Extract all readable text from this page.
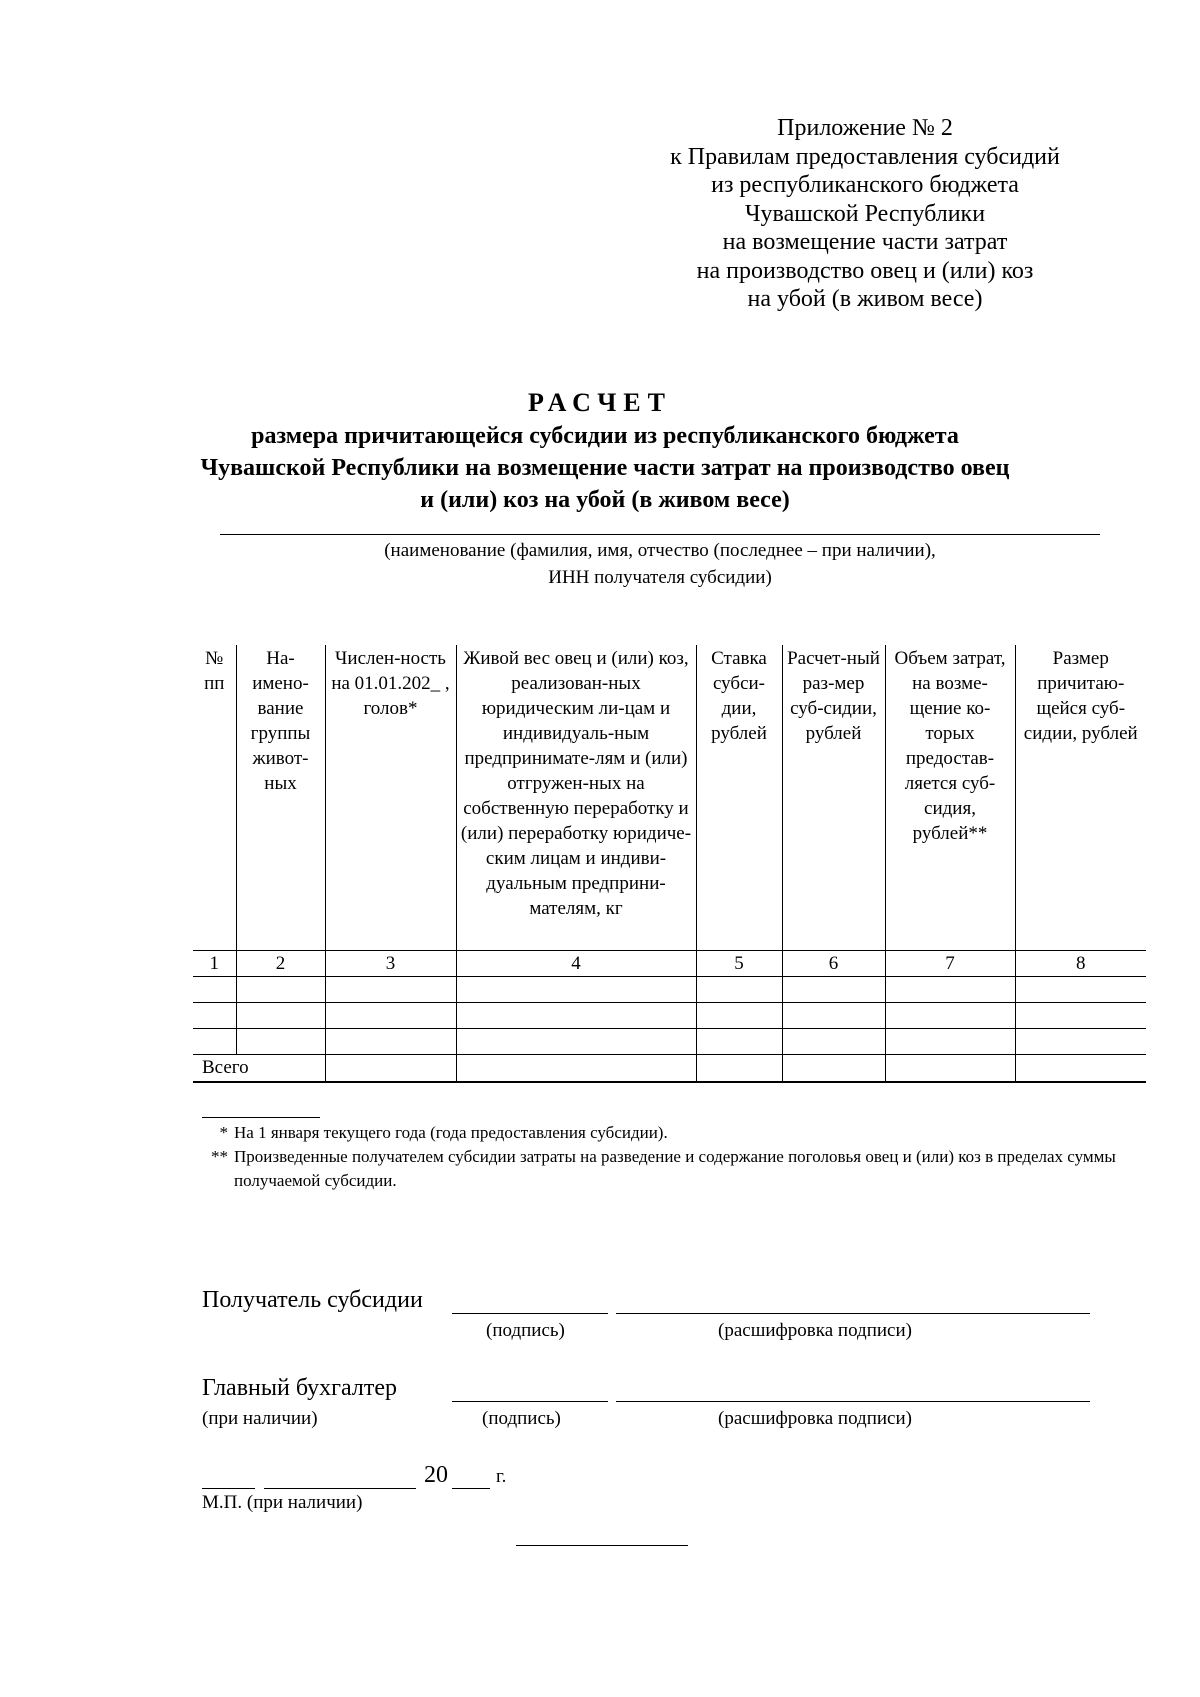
Приложение № 2
к Правилам предоставления субсидий
из республиканского бюджета
Чувашской Республики
на возмещение части затрат
на производство овец и (или) коз
на убой (в живом весе)
РАСЧЕТ
размера причитающейся субсидии из республиканского бюджета
Чувашской Республики на возмещение части затрат на производство овец
и (или) коз на убой (в живом весе)
(наименование (фамилия, имя, отчество (последнее – при наличии),
ИНН получателя субсидии)
№ пп	На-имено-вание группы живот-ных	Числен-ность на 01.01.202_ , голов*	Живой вес овец и (или) коз, реализован-ных юридическим ли-цам и индивидуаль-ным предпринимате-лям и (или) отгружен-ных на собственную переработку и (или) переработку юридиче-ским лицам и индиви-дуальным предприни-мателям, кг	Ставка субси-дии, рублей	Расчет-ный раз-мер суб-сидии, рублей	Объем затрат, на возме-щение ко-торых предостав-ляется суб-сидия, рублей**	Размер причитаю-щейся суб-сидии, рублей
1	2	3	4	5	6	7	8

Всего							
* На 1 января текущего года (года предоставления субсидии).
** Произведенные получателем субсидии затраты на разведение и содержание поголовья овец и (или) коз в пределах суммы получаемой субсидии.
Получатель субсидии
(подпись)	(расшифровка подписи)
Главный бухгалтер
(при наличии)	(подпись)	(расшифровка подписи)
20	г.
М.П. (при наличии)
